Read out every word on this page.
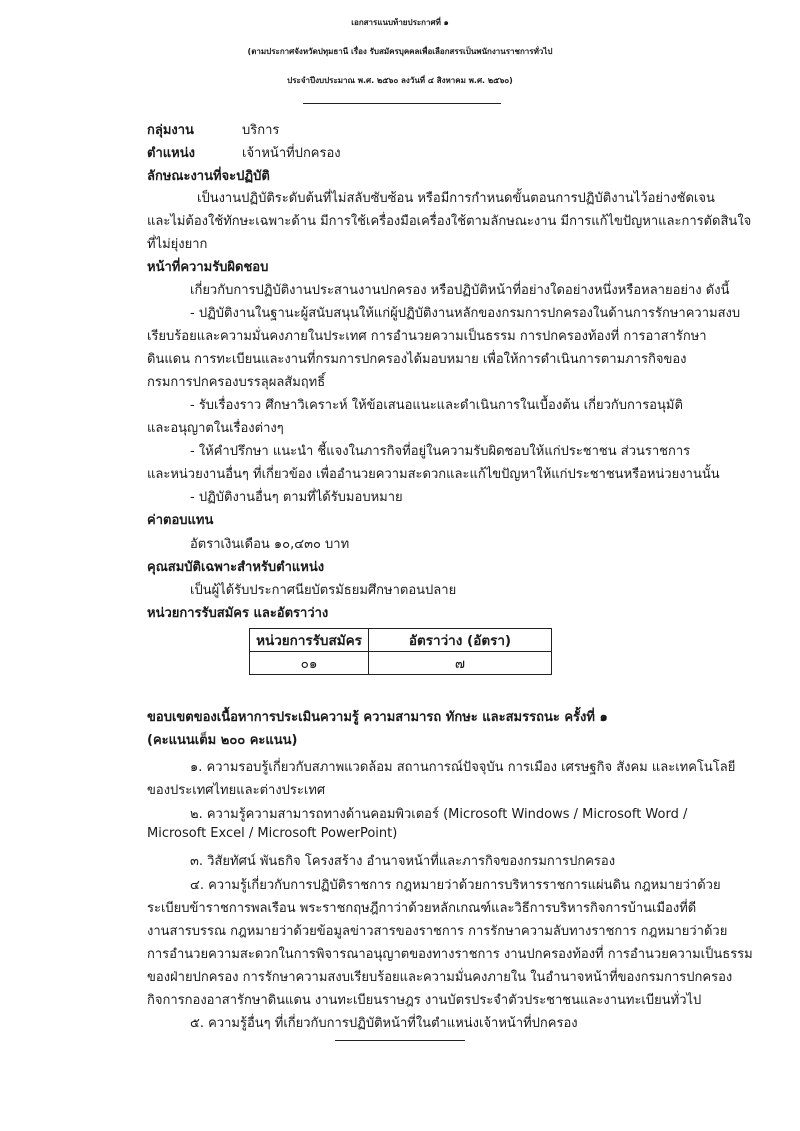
เอกสารแนบท้ายประกาศที่ ๑
(ตามประกาศจังหวัดปทุมธานี เรื่อง รับสมัครบุคคลเพื่อเลือกสรรเป็นพนักงานราชการทั่วไป
ประจำปีงบประมาณ พ.ศ. ๒๕๖๐ ลงวันที่ ๔ สิงหาคม พ.ศ. ๒๕๖๐)
กลุ่มงาน	บริการ
ตำแหน่ง	เจ้าหน้าที่ปกครอง
ลักษณะงานที่จะปฏิบัติ
เป็นงานปฏิบัติระดับต้นที่ไม่สลับซับซ้อน หรือมีการกำหนดขั้นตอนการปฏิบัติงานไว้อย่างชัดเจน
และไม่ต้องใช้ทักษะเฉพาะด้าน มีการใช้เครื่องมือเครื่องใช้ตามลักษณะงาน มีการแก้ไขปัญหาและการตัดสินใจ
ที่ไม่ยุ่งยาก
หน้าที่ความรับผิดชอบ
เกี่ยวกับการปฏิบัติงานประสานงานปกครอง หรือปฏิบัติหน้าที่อย่างใดอย่างหนึ่งหรือหลายอย่าง ดังนี้
- ปฏิบัติงานในฐานะผู้สนับสนุนให้แก่ผู้ปฏิบัติงานหลักของกรมการปกครองในด้านการรักษาความสงบ
เรียบร้อยและความมั่นคงภายในประเทศ การอำนวยความเป็นธรรม การปกครองท้องที่ การอาสารักษา
ดินแดน การทะเบียนและงานที่กรมการปกครองได้มอบหมาย เพื่อให้การดำเนินการตามภารกิจของ
กรมการปกครองบรรลุผลสัมฤทธิ์
- รับเรื่องราว ศึกษาวิเคราะห์ ให้ข้อเสนอแนะและดำเนินการในเบื้องต้น เกี่ยวกับการอนุมัติ
และอนุญาตในเรื่องต่างๆ
- ให้คำปรึกษา แนะนำ ชี้แจงในภารกิจที่อยู่ในความรับผิดชอบให้แก่ประชาชน ส่วนราชการ
และหน่วยงานอื่นๆ ที่เกี่ยวข้อง เพื่ออำนวยความสะดวกและแก้ไขปัญหาให้แก่ประชาชนหรือหน่วยงานนั้น
- ปฏิบัติงานอื่นๆ ตามที่ได้รับมอบหมาย
ค่าตอบแทน
อัตราเงินเดือน ๑๐,๔๓๐ บาท
คุณสมบัติเฉพาะสำหรับตำแหน่ง
เป็นผู้ได้รับประกาศนียบัตรมัธยมศึกษาตอนปลาย
หน่วยการรับสมัคร และอัตราว่าง
หน่วยการรับสมัคร	อัตราว่าง (อัตรา)
๐๑	๗
ขอบเขตของเนื้อหาการประเมินความรู้ ความสามารถ ทักษะ และสมรรถนะ ครั้งที่ ๑
(คะแนนเต็ม ๒๐๐ คะแนน)
๑. ความรอบรู้เกี่ยวกับสภาพแวดล้อม สถานการณ์ปัจจุบัน การเมือง เศรษฐกิจ สังคม และเทคโนโลยี
ของประเทศไทยและต่างประเทศ
๒. ความรู้ความสามารถทางด้านคอมพิวเตอร์ (Microsoft Windows / Microsoft Word /
Microsoft Excel / Microsoft PowerPoint)
๓. วิสัยทัศน์ พันธกิจ โครงสร้าง อำนาจหน้าที่และภารกิจของกรมการปกครอง
๔. ความรู้เกี่ยวกับการปฏิบัติราชการ กฎหมายว่าด้วยการบริหารราชการแผ่นดิน กฎหมายว่าด้วย
ระเบียบข้าราชการพลเรือน พระราชกฤษฎีกาว่าด้วยหลักเกณฑ์และวิธีการบริหารกิจการบ้านเมืองที่ดี
งานสารบรรณ กฎหมายว่าด้วยข้อมูลข่าวสารของราชการ การรักษาความลับทางราชการ กฎหมายว่าด้วย
การอำนวยความสะดวกในการพิจารณาอนุญาตของทางราชการ งานปกครองท้องที่ การอำนวยความเป็นธรรม
ของฝ่ายปกครอง การรักษาความสงบเรียบร้อยและความมั่นคงภายใน ในอำนาจหน้าที่ของกรมการปกครอง
กิจการกองอาสารักษาดินแดน งานทะเบียนราษฎร งานบัตรประจำตัวประชาชนและงานทะเบียนทั่วไป
๕. ความรู้อื่นๆ ที่เกี่ยวกับการปฏิบัติหน้าที่ในตำแหน่งเจ้าหน้าที่ปกครอง
